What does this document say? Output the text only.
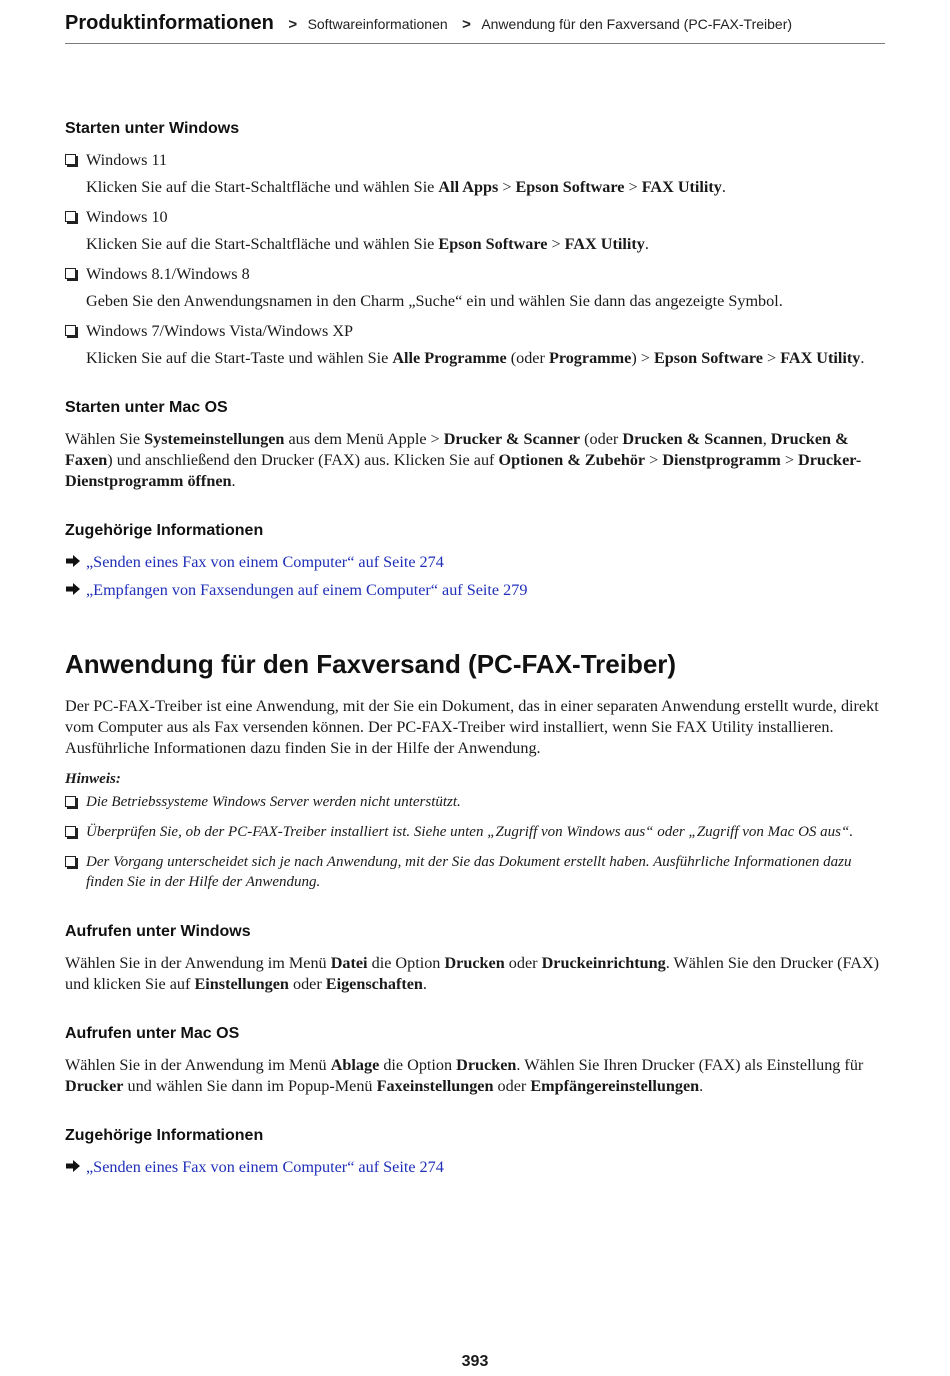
Produktinformationen > Softwareinformationen > Anwendung für den Faxversand (PC-FAX-Treiber)
Starten unter Windows

Windows 11

Klicken Sie auf die Start-Schaltfläche und wählen Sie All Apps > Epson Software > FAX Utility.

Windows 10

Klicken Sie auf die Start-Schaltfläche und wählen Sie Epson Software > FAX Utility.

Windows 8.1/Windows 8

Geben Sie den Anwendungsnamen in den Charm „Suche“ ein und wählen Sie dann das angezeigte Symbol.

Windows 7/Windows Vista/Windows XP

Klicken Sie auf die Start-Taste und wählen Sie Alle Programme (oder Programme) > Epson Software > FAX Utility.

Starten unter Mac OS

Wählen Sie Systemeinstellungen aus dem Menü Apple > Drucker & Scanner (oder Drucken & Scannen, Drucken & Faxen) und anschließend den Drucker (FAX) aus. Klicken Sie auf Optionen & Zubehör > Dienstprogramm > Drucker-Dienstprogramm öffnen.

Zugehörige Informationen
„Senden eines Fax von einem Computer“ auf Seite 274
„Empfangen von Faxsendungen auf einem Computer“ auf Seite 279
Anwendung für den Faxversand (PC-FAX-Treiber)

Der PC-FAX-Treiber ist eine Anwendung, mit der Sie ein Dokument, das in einer separaten Anwendung erstellt wurde, direkt vom Computer aus als Fax versenden können. Der PC-FAX-Treiber wird installiert, wenn Sie FAX Utility installieren. Ausführliche Informationen dazu finden Sie in der Hilfe der Anwendung.

Hinweis:

Die Betriebssysteme Windows Server werden nicht unterstützt.
Überprüfen Sie, ob der PC-FAX-Treiber installiert ist. Siehe unten „Zugriff von Windows aus“ oder „Zugriff von Mac OS aus“.
Der Vorgang unterscheidet sich je nach Anwendung, mit der Sie das Dokument erstellt haben. Ausführliche Informationen dazu finden Sie in der Hilfe der Anwendung.
Aufrufen unter Windows

Wählen Sie in der Anwendung im Menü Datei die Option Drucken oder Druckeinrichtung. Wählen Sie den Drucker (FAX) und klicken Sie auf Einstellungen oder Eigenschaften.

Aufrufen unter Mac OS

Wählen Sie in der Anwendung im Menü Ablage die Option Drucken. Wählen Sie Ihren Drucker (FAX) als Einstellung für Drucker und wählen Sie dann im Popup-Menü Faxeinstellungen oder Empfängereinstellungen.

Zugehörige Informationen
„Senden eines Fax von einem Computer“ auf Seite 274
393
